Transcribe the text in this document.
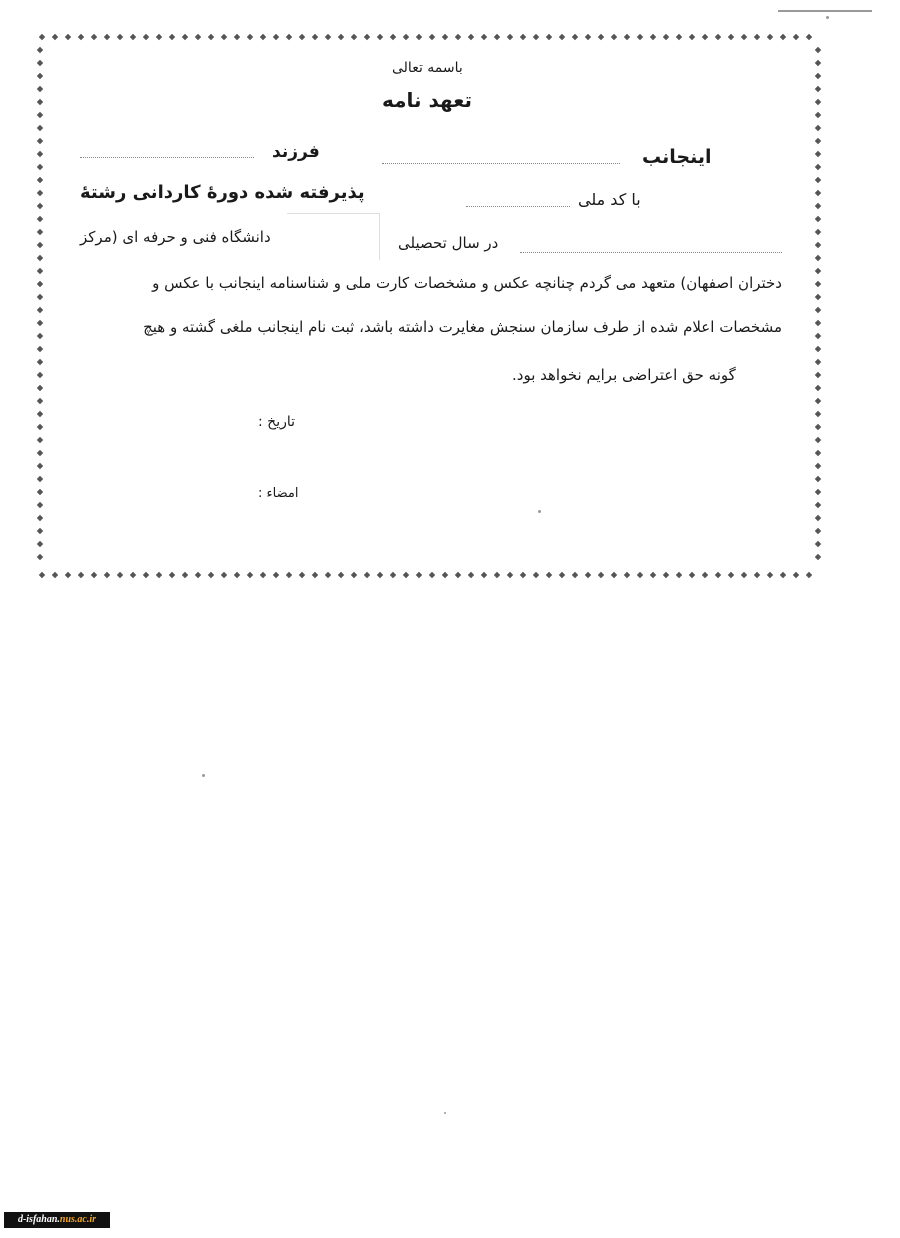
باسمه تعالی
تعهد نامه
اینجانب
فرزند
با کد ملی
پذیرفته شده دورهٔ کاردانی رشتهٔ
در سال تحصیلی
دانشگاه فنی و حرفه ای (مرکز
دختران اصفهان) متعهد می گردم چنانچه عکس و مشخصات کارت ملی و شناسنامه اینجانب با عکس و
مشخصات اعلام شده از طرف سازمان سنجش مغایرت داشته باشد، ثبت نام اینجانب ملغی گشته و هیچ
گونه حق اعتراضی برایم نخواهد بود.
تاریخ :
امضاء :
d-isfahan.nus.ac.ir
